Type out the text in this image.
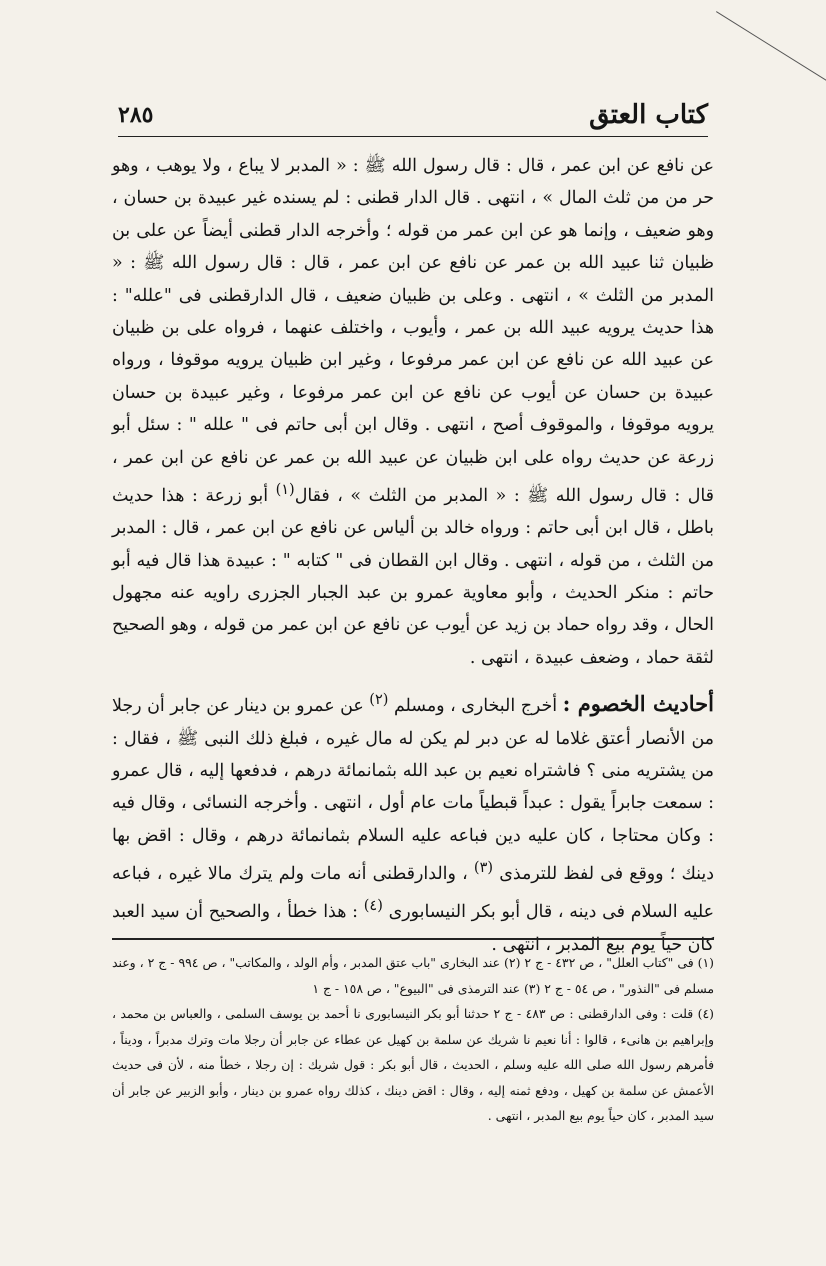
كتاب العتق
٢٨٥

عن نافع عن ابن عمر ، قال : قال رسول الله ﷺ : « المدبر لا يباع ، ولا يوهب ، وهو حر من من ثلث المال » ، انتهى . قال الدار قطنى : لم يسنده غير عبيدة بن حسان ، وهو ضعيف ، وإنما هو عن ابن عمر من قوله ؛ وأخرجه الدار قطنى أيضاً عن على بن ظبيان ثنا عبيد الله بن عمر عن نافع عن ابن عمر ، قال : قال رسول الله ﷺ : « المدبر من الثلث » ، انتهى . وعلى بن ظبيان ضعيف ، قال الدارقطنى فى "علله" : هذا حديث يرويه عبيد الله بن عمر ، وأيوب ، واختلف عنهما ، فرواه على بن ظبيان عن عبيد الله عن نافع عن ابن عمر مرفوعا ، وغير ابن ظبيان يرويه موقوفا ، ورواه عبيدة بن حسان عن أيوب عن نافع عن ابن عمر مرفوعا ، وغير عبيدة بن حسان يرويه موقوفا ، والموقوف أصح ، انتهى . وقال ابن أبى حاتم فى " علله " : سئل أبو زرعة عن حديث رواه على ابن ظبيان عن عبيد الله بن عمر عن نافع عن ابن عمر ، قال : قال رسول الله ﷺ : « المدبر من الثلث » ، فقال$^{(١)}$ أبو زرعة : هذا حديث باطل ، قال ابن أبى حاتم : ورواه خالد بن ألياس عن نافع عن ابن عمر ، قال : المدبر من الثلث ، من قوله ، انتهى . وقال ابن القطان فى " كتابه " : عبيدة هذا قال فيه أبو حاتم : منكر الحديث ، وأبو معاوية عمرو بن عبد الجبار الجزرى راويه عنه مجهول الحال ، وقد رواه حماد بن زيد عن أيوب عن نافع عن ابن عمر من قوله ، وهو الصحيح لثقة حماد ، وضعف عبيدة ، انتهى .

أحاديث الخصوم : أخرج البخارى ، ومسلم $^{(٢)}$ عن عمرو بن دينار عن جابر أن رجلا من الأنصار أعتق غلاما له عن دبر لم يكن له مال غيره ، فبلغ ذلك النبى ﷺ ، فقال : من يشتريه منى ؟ فاشتراه نعيم بن عبد الله بثمانمائة درهم ، فدفعها إليه ، قال عمرو : سمعت جابراً يقول : عبداً قبطياً مات عام أول ، انتهى . وأخرجه النسائى ، وقال فيه : وكان محتاجا ، كان عليه دين فباعه عليه السلام بثمانمائة درهم ، وقال : اقض بها دينك ؛ ووقع فى لفظ للترمذى $^{(٣)}$ ، والدارقطنى أنه مات ولم يترك مالا غيره ، فباعه عليه السلام فى دينه ، قال أبو بكر النيسابورى $^{(٤)}$ : هذا خطأ ، والصحيح أن سيد العبد كان حياً يوم بيع المدبر ، انتهى .

(١) فى "كتاب العلل" ، ص ٤٣٢ - ج ٢ (٢) عند البخارى "باب عتق المدبر ، وأم الولد ، والمكاتب" ، ص ٩٩٤ - ج ٢ ، وعند مسلم فى "النذور" ، ص ٥٤ - ج ٢ (٣) عند الترمذى فى "البيوع" ، ص ١٥٨ - ج ١

(٤) قلت : وفى الدارقطنى : ص ٤٨٣ - ج ٢ حدثنا أبو بكر النيسابورى نا أحمد بن يوسف السلمى ، والعباس بن محمد ، وإبراهيم بن هانىء ، قالوا : أنا نعيم نا شريك عن سلمة بن كهيل عن عطاء عن جابر أن رجلا مات وترك مدبراً ، وديناً ، فأمرهم رسول الله صلى الله عليه وسلم ، الحديث ، قال أبو بكر : قول شريك : إن رجلا ، خطأ منه ، لأن فى حديث الأعمش عن سلمة بن كهيل ، ودفع ثمنه إليه ، وقال : اقض دينك ، كذلك رواه عمرو بن دينار ، وأبو الزبير عن جابر أن سيد المدبر ، كان حياً يوم بيع المدبر ، انتهى .
